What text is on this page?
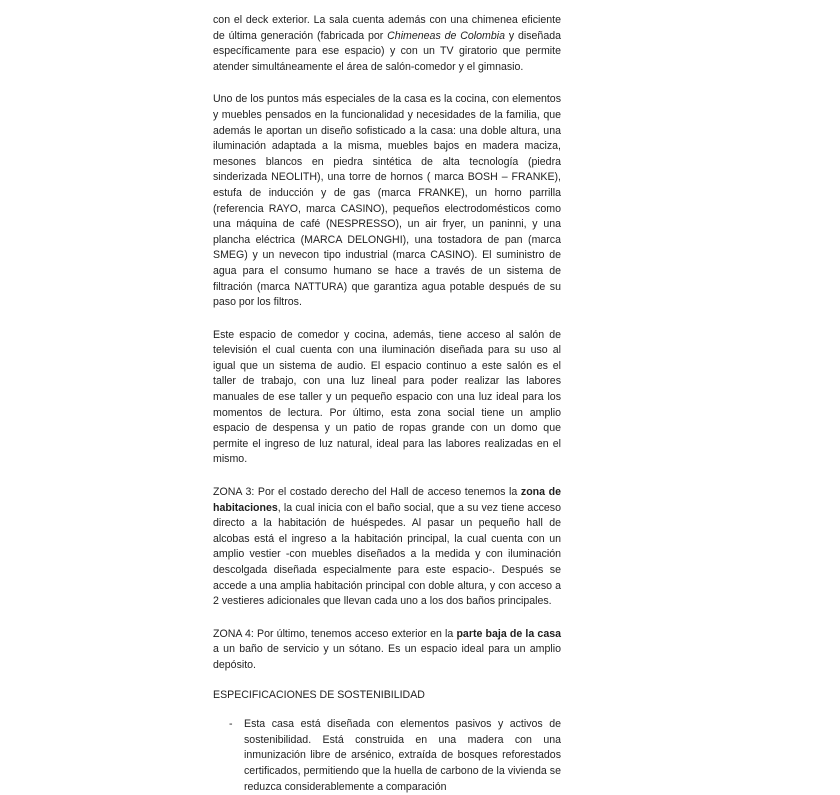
con el deck exterior. La sala cuenta además con una chimenea eficiente de última generación (fabricada por Chimeneas de Colombia y diseñada específicamente para ese espacio) y con un TV giratorio que permite atender simultáneamente el área de salón-comedor y el gimnasio.

Uno de los puntos más especiales de la casa es la cocina, con elementos y muebles pensados en la funcionalidad y necesidades de la familia, que además le aportan un diseño sofisticado a la casa: una doble altura, una iluminación adaptada a la misma, muebles bajos en madera maciza, mesones blancos en piedra sintética de alta tecnología (piedra sinderizada NEOLITH), una torre de hornos ( marca BOSH – FRANKE), estufa de inducción y de gas (marca FRANKE), un horno parrilla (referencia RAYO, marca CASINO), pequeños electrodomésticos como una máquina de café (NESPRESSO), un air fryer, un paninni, y una plancha eléctrica (MARCA DELONGHI), una tostadora de pan (marca SMEG) y un nevecon tipo industrial (marca CASINO). El suministro de agua para el consumo humano se hace a través de un sistema de filtración (marca NATTURA) que garantiza agua potable después de su paso por los filtros.

Este espacio de comedor y cocina, además, tiene acceso al salón de televisión el cual cuenta con una iluminación diseñada para su uso al igual que un sistema de audio. El espacio continuo a este salón es el taller de trabajo, con una luz lineal para poder realizar las labores manuales de ese taller y un pequeño espacio con una luz ideal para los momentos de lectura. Por último, esta zona social tiene un amplio espacio de despensa y un patio de ropas grande con un domo que permite el ingreso de luz natural, ideal para las labores realizadas en el mismo.

ZONA 3: Por el costado derecho del Hall de acceso tenemos la zona de habitaciones, la cual inicia con el baño social, que a su vez tiene acceso directo a la habitación de huéspedes. Al pasar un pequeño hall de alcobas está el ingreso a la habitación principal, la cual cuenta con un amplio vestier -con muebles diseñados a la medida y con iluminación descolgada diseñada especialmente para este espacio-. Después se accede a una amplia habitación principal con doble altura, y con acceso a 2 vestieres adicionales que llevan cada uno a los dos baños principales.

ZONA 4: Por último, tenemos acceso exterior en la parte baja de la casa a un baño de servicio y un sótano. Es un espacio ideal para un amplio depósito.

ESPECIFICACIONES DE SOSTENIBILIDAD

- Esta casa está diseñada con elementos pasivos y activos de sostenibilidad. Está construida en una madera con una inmunización libre de arsénico, extraída de bosques reforestados certificados, permitiendo que la huella de carbono de la vivienda se reduzca considerablemente a comparación
